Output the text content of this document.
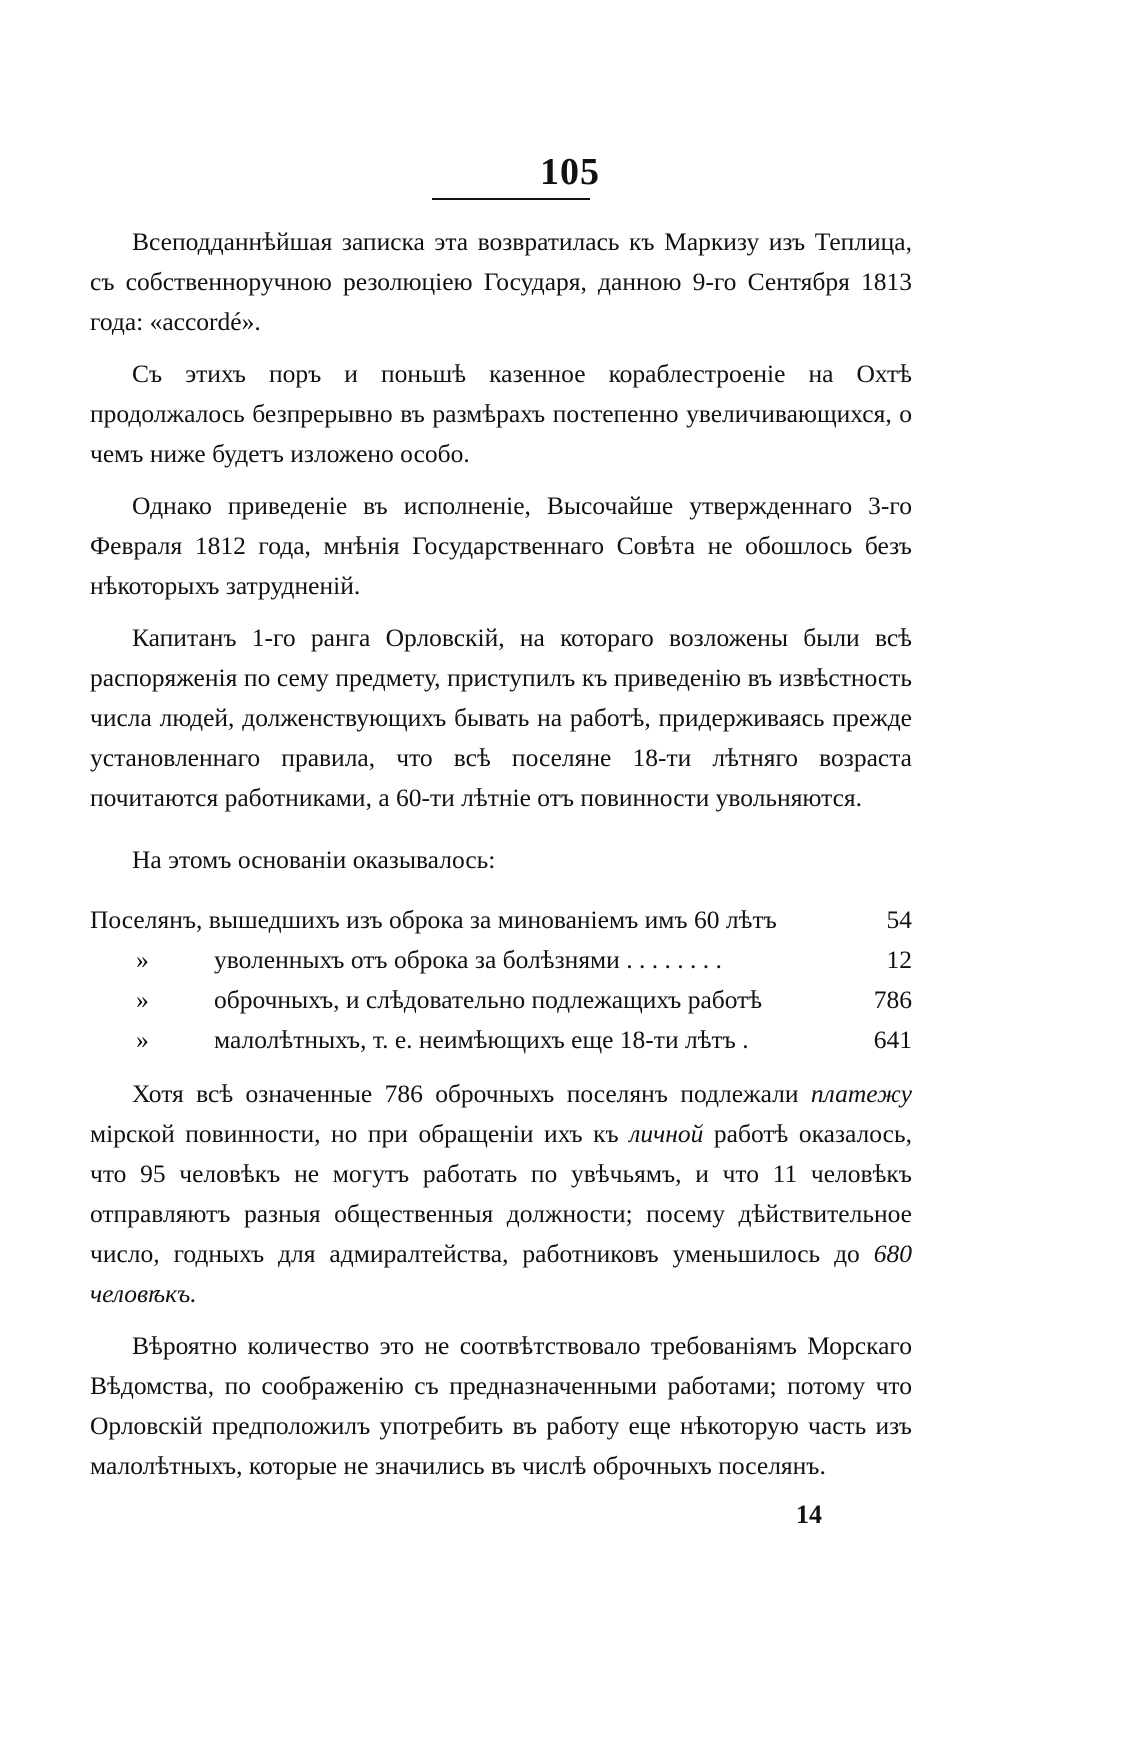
105

Всеподданнѣйшая записка эта возвратилась къ Маркизу изъ Теплица, съ собственноручною резолюціею Государя, данною 9-го Сентября 1813 года: «accordé».

Съ этихъ поръ и поньшѣ казенное кораблестроеніе на Охтѣ продолжалось безпрерывно въ размѣрахъ постепенно увеличивающихся, о чемъ ниже будетъ изложено особо.

Однако приведеніе въ исполненіе, Высочайше утвержденнаго 3-го Февраля 1812 года, мнѣнія Государственнаго Совѣта не обошлось безъ нѣкоторыхъ затрудненій.

Капитанъ 1-го ранга Орловскій, на котораго возложены были всѣ распоряженія по сему предмету, приступилъ къ приведенію въ извѣстность числа людей, долженствующихъ бывать на работѣ, придерживаясь прежде установленнаго правила, что всѣ поселяне 18-ти лѣтняго возраста почитаются работниками, а 60-ти лѣтніе отъ повинности увольняются.

На этомъ основаніи оказывалось:

Поселянъ, вышедшихъ изъ оброка за минованіемъ имъ 60 лѣтъ	54
»	уволенныхъ отъ оброка за болѣзнями . . . . . . . .	12
»	оброчныхъ, и слѣдовательно подлежащихъ работѣ	786
»	малолѣтныхъ, т. е. неимѣющихъ еще 18-ти лѣтъ .	641

Хотя всѣ означенные 786 оброчныхъ поселянъ подлежали платежу мірской повинности, но при обращеніи ихъ къ личной работѣ оказалось, что 95 человѣкъ не могутъ работать по увѣчьямъ, и что 11 человѣкъ отправляютъ разныя общественныя должности; посему дѣйствительное число, годныхъ для адмиралтейства, работниковъ уменьшилось до 680 человѣкъ.

Вѣроятно количество это не соотвѣтствовало требованіямъ Морскаго Вѣдомства, по соображенію съ предназначенными работами; потому что Орловскій предположилъ употребить въ работу еще нѣкоторую часть изъ малолѣтныхъ, которые не значились въ числѣ оброчныхъ поселянъ.

14
